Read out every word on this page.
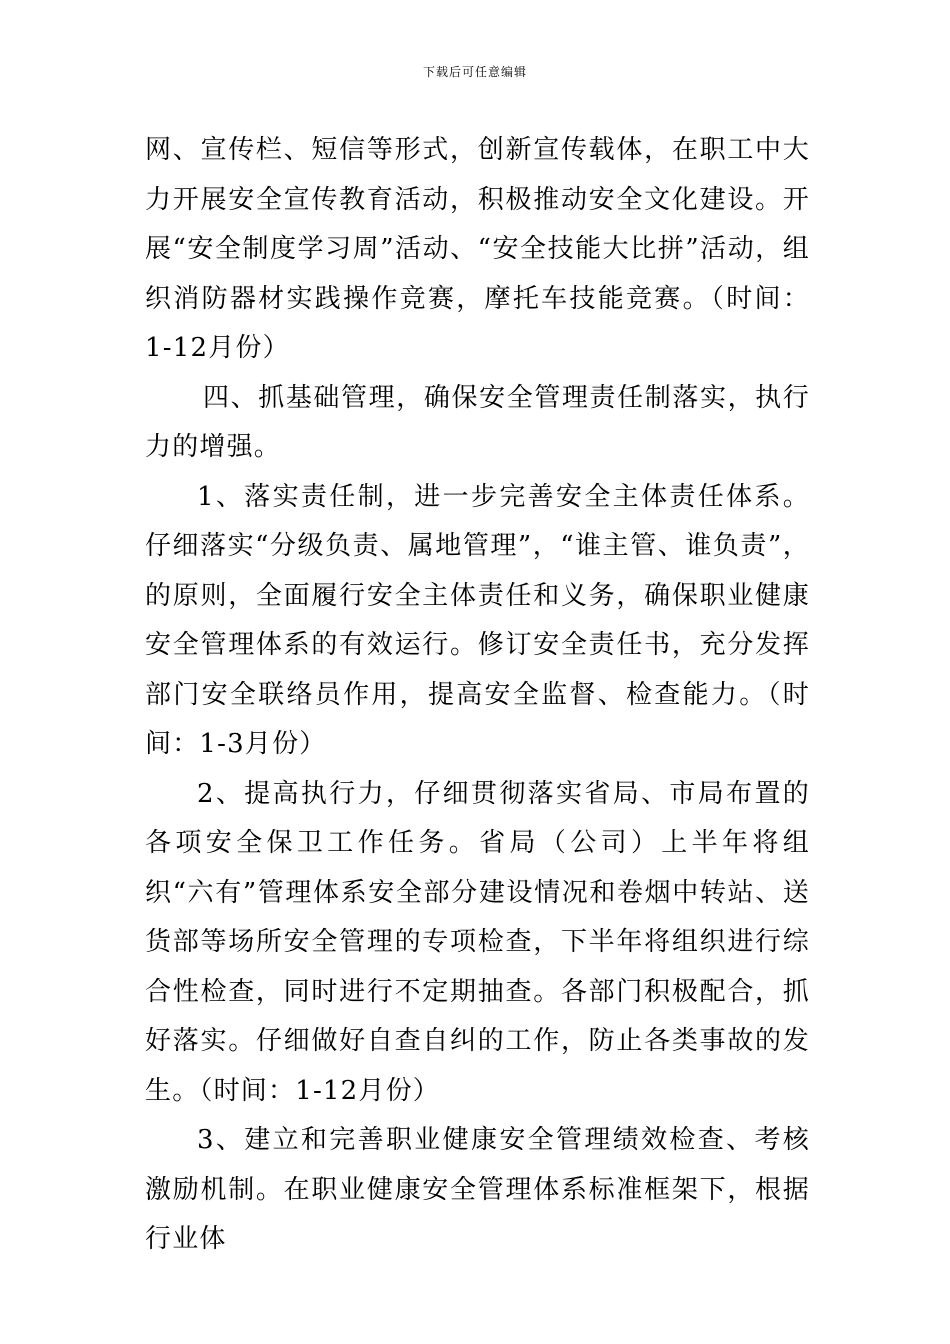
下载后可任意编辑

网、宣传栏、短信等形式，创新宣传载体，在职工中大力开展安全宣传教育活动，积极推动安全文化建设。开展“安全制度学习周”活动、“安全技能大比拼”活动，组织消防器材实践操作竞赛，摩托车技能竞赛。（时间：1-12月份）

四、抓基础管理，确保安全管理责任制落实，执行力的增强。

1、落实责任制，进一步完善安全主体责任体系。仔细落实“分级负责、属地管理”，“谁主管、谁负责”，的原则，全面履行安全主体责任和义务，确保职业健康安全管理体系的有效运行。修订安全责任书，充分发挥部门安全联络员作用，提高安全监督、检查能力。（时间：1-3月份）

2、提高执行力，仔细贯彻落实省局、市局布置的各项安全保卫工作任务。省局（公司）上半年将组织“六有”管理体系安全部分建设情况和卷烟中转站、送货部等场所安全管理的专项检查，下半年将组织进行综合性检查，同时进行不定期抽查。各部门积极配合，抓好落实。仔细做好自查自纠的工作，防止各类事故的发生。（时间：1-12月份）

3、建立和完善职业健康安全管理绩效检查、考核激励机制。在职业健康安全管理体系标准框架下，根据行业体
